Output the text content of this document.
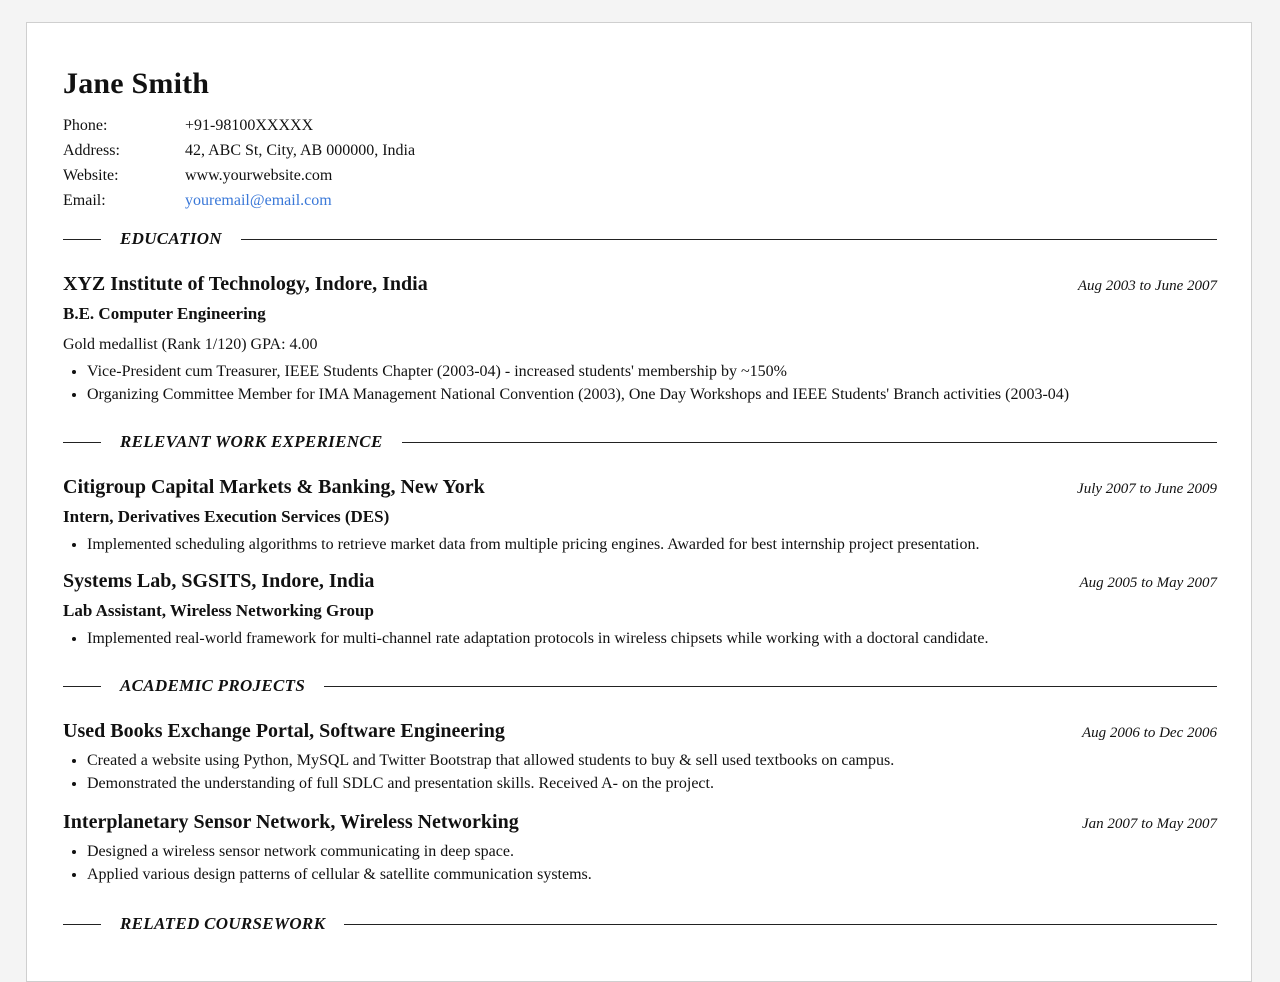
Jane Smith
Phone:	+91-98100XXXXX
Address:	42, ABC St, City, AB 000000, India
Website:	www.yourwebsite.com
Email:	youremail@email.com
EDUCATION
XYZ Institute of Technology, Indore, India	Aug 2003 to June 2007
B.E. Computer Engineering
Gold medallist (Rank 1/120) GPA: 4.00
• Vice-President cum Treasurer, IEEE Students Chapter (2003-04) - increased students' membership by ~150%
• Organizing Committee Member for IMA Management National Convention (2003), One Day Workshops and IEEE Students' Branch activities (2003-04)
RELEVANT WORK EXPERIENCE
Citigroup Capital Markets & Banking, New York	July 2007 to June 2009
Intern, Derivatives Execution Services (DES)
• Implemented scheduling algorithms to retrieve market data from multiple pricing engines. Awarded for best internship project presentation.
Systems Lab, SGSITS, Indore, India	Aug 2005 to May 2007
Lab Assistant, Wireless Networking Group
• Implemented real-world framework for multi-channel rate adaptation protocols in wireless chipsets while working with a doctoral candidate.
ACADEMIC PROJECTS
Used Books Exchange Portal, Software Engineering	Aug 2006 to Dec 2006
• Created a website using Python, MySQL and Twitter Bootstrap that allowed students to buy & sell used textbooks on campus.
• Demonstrated the understanding of full SDLC and presentation skills. Received A- on the project.
Interplanetary Sensor Network, Wireless Networking	Jan 2007 to May 2007
• Designed a wireless sensor network communicating in deep space.
• Applied various design patterns of cellular & satellite communication systems.
RELATED COURSEWORK
